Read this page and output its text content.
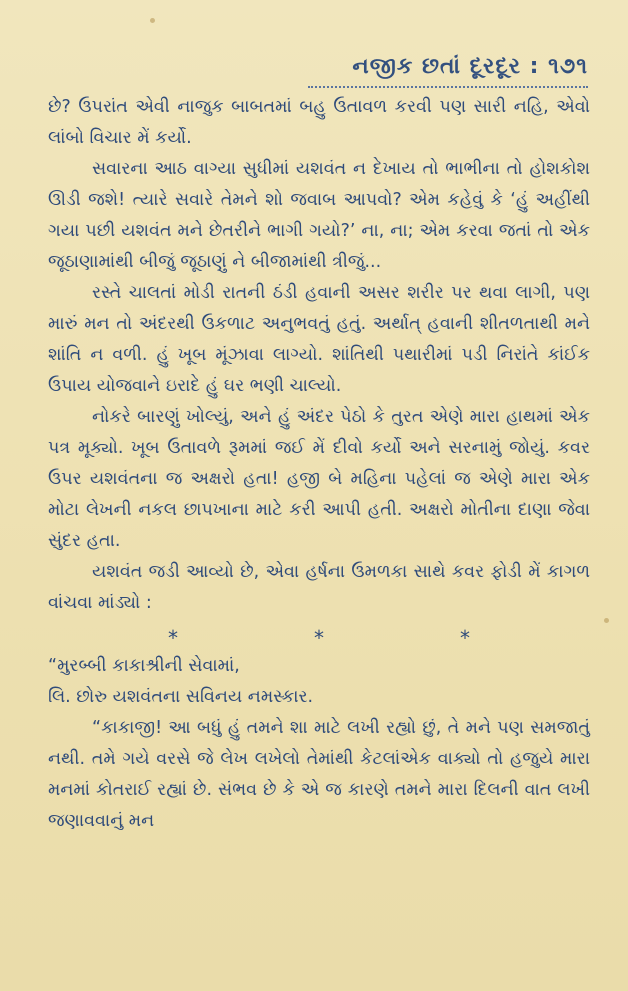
નજીક છતાં દૂરદૂર : ૧૭૧

છે? ઉપરાંત એવી નાજુક બાબતમાં બહુ ઉતાવળ કરવી પણ સારી નહિ, એવો લાંબો વિચાર મેં કર્યો.

સવારના આઠ વાગ્યા સુધીમાં યશવંત ન દેખાય તો ભાભીના તો હોશકોશ ઊડી જશે! ત્યારે સવારે તેમને શો જવાબ આપવો? એમ કહેવું કે ‘હું અહીંથી ગયા પછી યશવંત મને છેતરીને ભાગી ગયો?’ ના, ના; એમ કરવા જતાં તો એક જૂઠાણામાંથી બીજું જૂઠાણું ને બીજામાંથી ત્રીજું...

રસ્તે ચાલતાં મોડી રાતની ઠંડી હવાની અસર શરીર પર થવા લાગી, પણ મારું મન તો અંદરથી ઉકળાટ અનુભવતું હતું. અર્થાત્ હવાની શીતળતાથી મને શાંતિ ન વળી. હું ખૂબ મૂંઝાવા લાગ્યો. શાંતિથી પથારીમાં પડી નિરાંતે કાંઈક ઉપાય યોજવાને ઇરાદે હું ઘર ભણી ચાલ્યો.

નોકરે બારણું ખોલ્યું, અને હું અંદર પેઠો કે તુરત એણે મારા હાથમાં એક પત્ર મૂક્યો. ખૂબ ઉતાવળે રૂમમાં જઈ મેં દીવો કર્યો અને સરનામું જોયું. કવર ઉપર યશવંતના જ અક્ષરો હતા! હજી બે મહિના પહેલાં જ એણે મારા એક મોટા લેખની નકલ છાપખાના માટે કરી આપી હતી. અક્ષરો મોતીના દાણા જેવા સુંદર હતા.

યશવંત જડી આવ્યો છે, એવા હર્ષના ઉમળકા સાથે કવર ફોડી મેં કાગળ વાંચવા માંડ્યો :

*	*	*

“મુરબ્બી કાકાશ્રીની સેવામાં,

લિ. છોરુ યશવંતના સવિનય નમસ્કાર.

“કાકાજી! આ બધું હું તમને શા માટે લખી રહ્યો છું, તે મને પણ સમજાતું નથી. તમે ગયે વરસે જે લેખ લખેલો તેમાંથી કેટલાંએક વાક્યો તો હજુયે મારા મનમાં કોતરાઈ રહ્યાં છે. સંભવ છે કે એ જ કારણે તમને મારા દિલની વાત લખી જણાવવાનું મન
